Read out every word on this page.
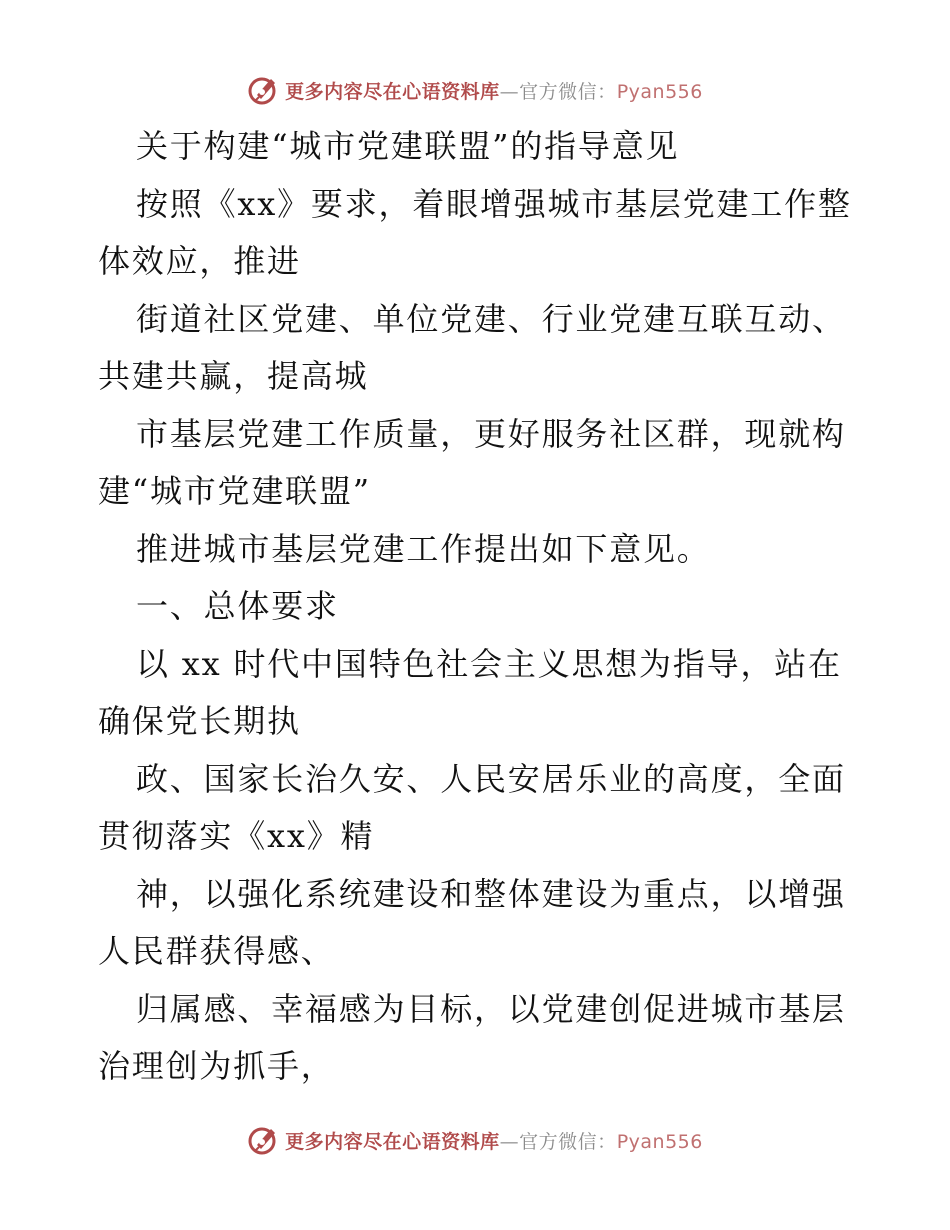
更多内容尽在心语资料库—官方微信：Pyan556

关于构建“城市党建联盟”的指导意见

按照《xx》要求，着眼增强城市基层党建工作整体效应，推进

街道社区党建、单位党建、行业党建互联互动、共建共赢，提高城

市基层党建工作质量，更好服务社区群，现就构建“城市党建联盟”

推进城市基层党建工作提出如下意见。

一、总体要求

以 xx 时代中国特色社会主义思想为指导，站在确保党长期执

政、国家长治久安、人民安居乐业的高度，全面贯彻落实《xx》精

神，以强化系统建设和整体建设为重点，以增强人民群获得感、

归属感、幸福感为目标，以党建创促进城市基层治理创为抓手，

更多内容尽在心语资料库—官方微信：Pyan556
